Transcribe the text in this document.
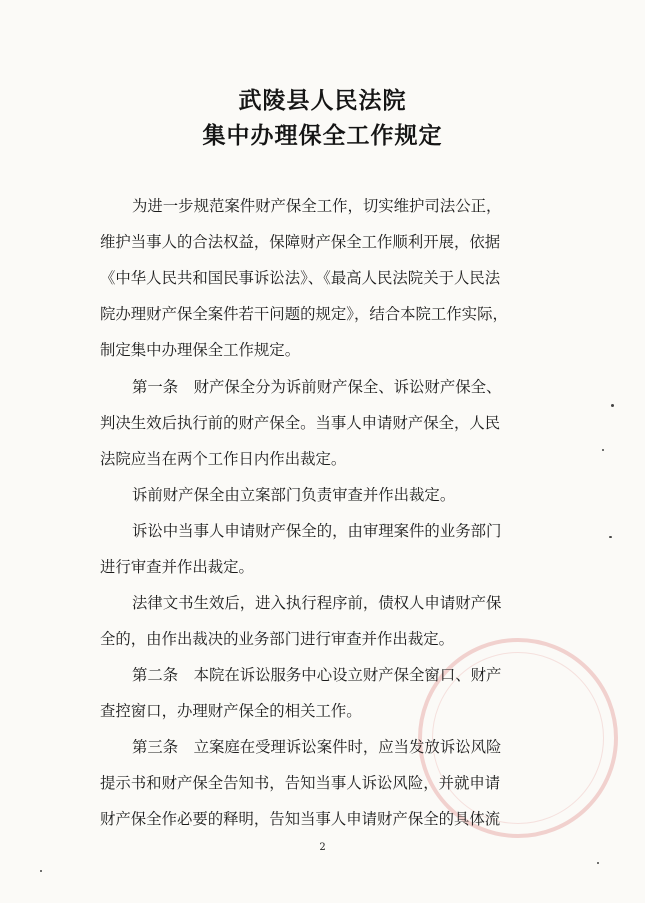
武陵县人民法院
集中办理保全工作规定

为进一步规范案件财产保全工作，切实维护司法公正，

维护当事人的合法权益，保障财产保全工作顺利开展，依据

《中华人民共和国民事诉讼法》、《最高人民法院关于人民法

院办理财产保全案件若干问题的规定》，结合本院工作实际，

制定集中办理保全工作规定。

第一条　财产保全分为诉前财产保全、诉讼财产保全、

判决生效后执行前的财产保全。当事人申请财产保全，人民

法院应当在两个工作日内作出裁定。

诉前财产保全由立案部门负责审查并作出裁定。

诉讼中当事人申请财产保全的，由审理案件的业务部门

进行审查并作出裁定。

法律文书生效后，进入执行程序前，债权人申请财产保

全的，由作出裁决的业务部门进行审查并作出裁定。

第二条　本院在诉讼服务中心设立财产保全窗口、财产

查控窗口，办理财产保全的相关工作。

第三条　立案庭在受理诉讼案件时，应当发放诉讼风险

提示书和财产保全告知书，告知当事人诉讼风险，并就申请

财产保全作必要的释明，告知当事人申请财产保全的具体流

2
